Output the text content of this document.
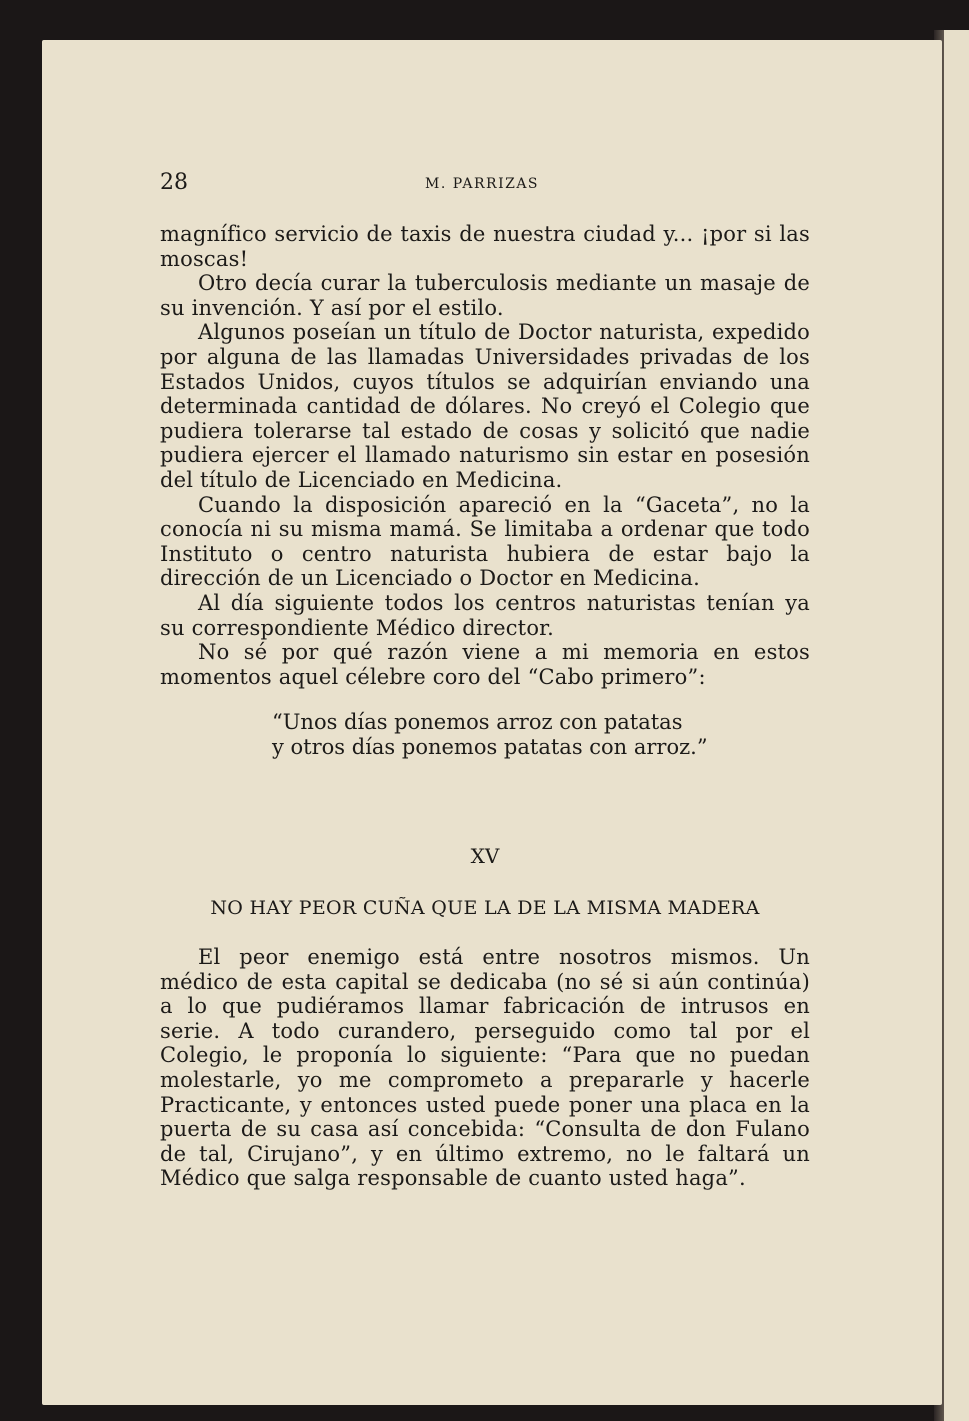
28	M. PARRIZAS

magnífico servicio de taxis de nuestra ciudad y... ¡por si las moscas!

Otro decía curar la tuberculosis mediante un masaje de su invención. Y así por el estilo.

Algunos poseían un título de Doctor naturista, expedido por alguna de las llamadas Universidades privadas de los Estados Unidos, cuyos títulos se adquirían enviando una determinada cantidad de dólares. No creyó el Colegio que pudiera tolerarse tal estado de cosas y solicitó que nadie pudiera ejercer el llamado naturismo sin estar en posesión del título de Licenciado en Medicina.

Cuando la disposición apareció en la “Gaceta”, no la conocía ni su misma mamá. Se limitaba a ordenar que todo Instituto o centro naturista hubiera de estar bajo la dirección de un Licenciado o Doctor en Medicina.

Al día siguiente todos los centros naturistas tenían ya su correspondiente Médico director.

No sé por qué razón viene a mi memoria en estos momentos aquel célebre coro del “Cabo primero”:

“Unos días ponemos arroz con patatas

y otros días ponemos patatas con arroz.”

XV
NO HAY PEOR CUÑA QUE LA DE LA MISMA MADERA

El peor enemigo está entre nosotros mismos. Un médico de esta capital se dedicaba (no sé si aún continúa) a lo que pudiéramos llamar fabricación de intrusos en serie. A todo curandero, perseguido como tal por el Colegio, le proponía lo siguiente: “Para que no puedan molestarle, yo me comprometo a prepararle y hacerle Practicante, y entonces usted puede poner una placa en la puerta de su casa así concebida: “Consulta de don Fulano de tal, Cirujano”, y en último extremo, no le faltará un Médico que salga responsable de cuanto usted haga”.
